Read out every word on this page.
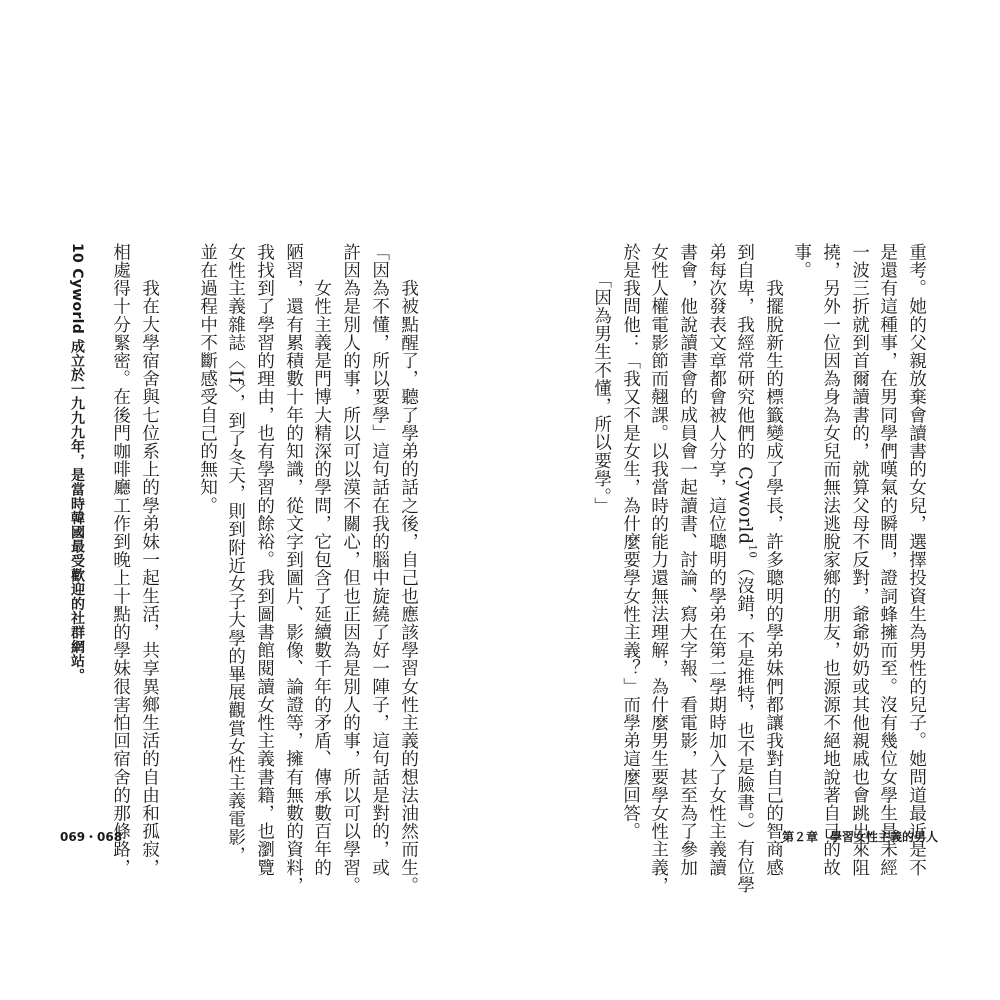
重考。她的父親放棄會讀書的女兒，選擇投資生為男性的兒子。她問道最近是不
是還有這種事，在男同學們嘆氣的瞬間，證詞蜂擁而至。沒有幾位女學生是未經
一波三折就到首爾讀書的，就算父母不反對，爺爺奶奶或其他親戚也會跳出來阻
撓，另外一位因為身為女兒而無法逃脫家鄉的朋友，也源源不絕地說著自己的故
事。
　　我擺脫新生的標籤變成了學長，許多聰明的學弟妹們都讓我對自己的智商感
到自卑，我經常研究他們的 Cyworld$^{10}$（沒錯，不是推特，也不是臉書。）有位學
弟每次發表文章都會被人分享，這位聰明的學弟在第二學期時加入了女性主義讀
書會，他說讀書會的成員會一起讀書、討論、寫大字報、看電影，甚至為了參加
女性人權電影節而翹課。以我當時的能力還無法理解，為什麼男生要學女性主義，
於是我問他：「我又不是女生，為什麼要學女性主義？」而學弟這麼回答。
　　「因為男生不懂，所以要學。」
第２章　學習女性主義的男人
　　我被點醒了，聽了學弟的話之後，自己也應該學習女性主義的想法油然而生。
「因為不懂，所以要學」這句話在我的腦中旋繞了好一陣子，這句話是對的，或
許因為是別人的事，所以可以漠不關心，但也正因為是別人的事，所以可以學習。
　　女性主義是門博大精深的學問，它包含了延續數千年的矛盾、傳承數百年的
陋習，還有累積數十年的知識，從文字到圖片、影像、論證等，擁有無數的資料，
我找到了學習的理由，也有學習的餘裕。我到圖書館閱讀女性主義書籍，也瀏覽
女性主義雜誌〈If〉，到了冬天，則到附近女子大學的畢展觀賞女性主義電影，
並在過程中不斷感受自己的無知。
　　我在大學宿舍與七位系上的學弟妹一起生活，共享異鄉生活的自由和孤寂，
相處得十分緊密。在後門咖啡廳工作到晚上十點的學妹很害怕回宿舍的那條路，
10 Cyworld 成立於一九九九年，是當時韓國最受歡迎的社群網站。
069・068
